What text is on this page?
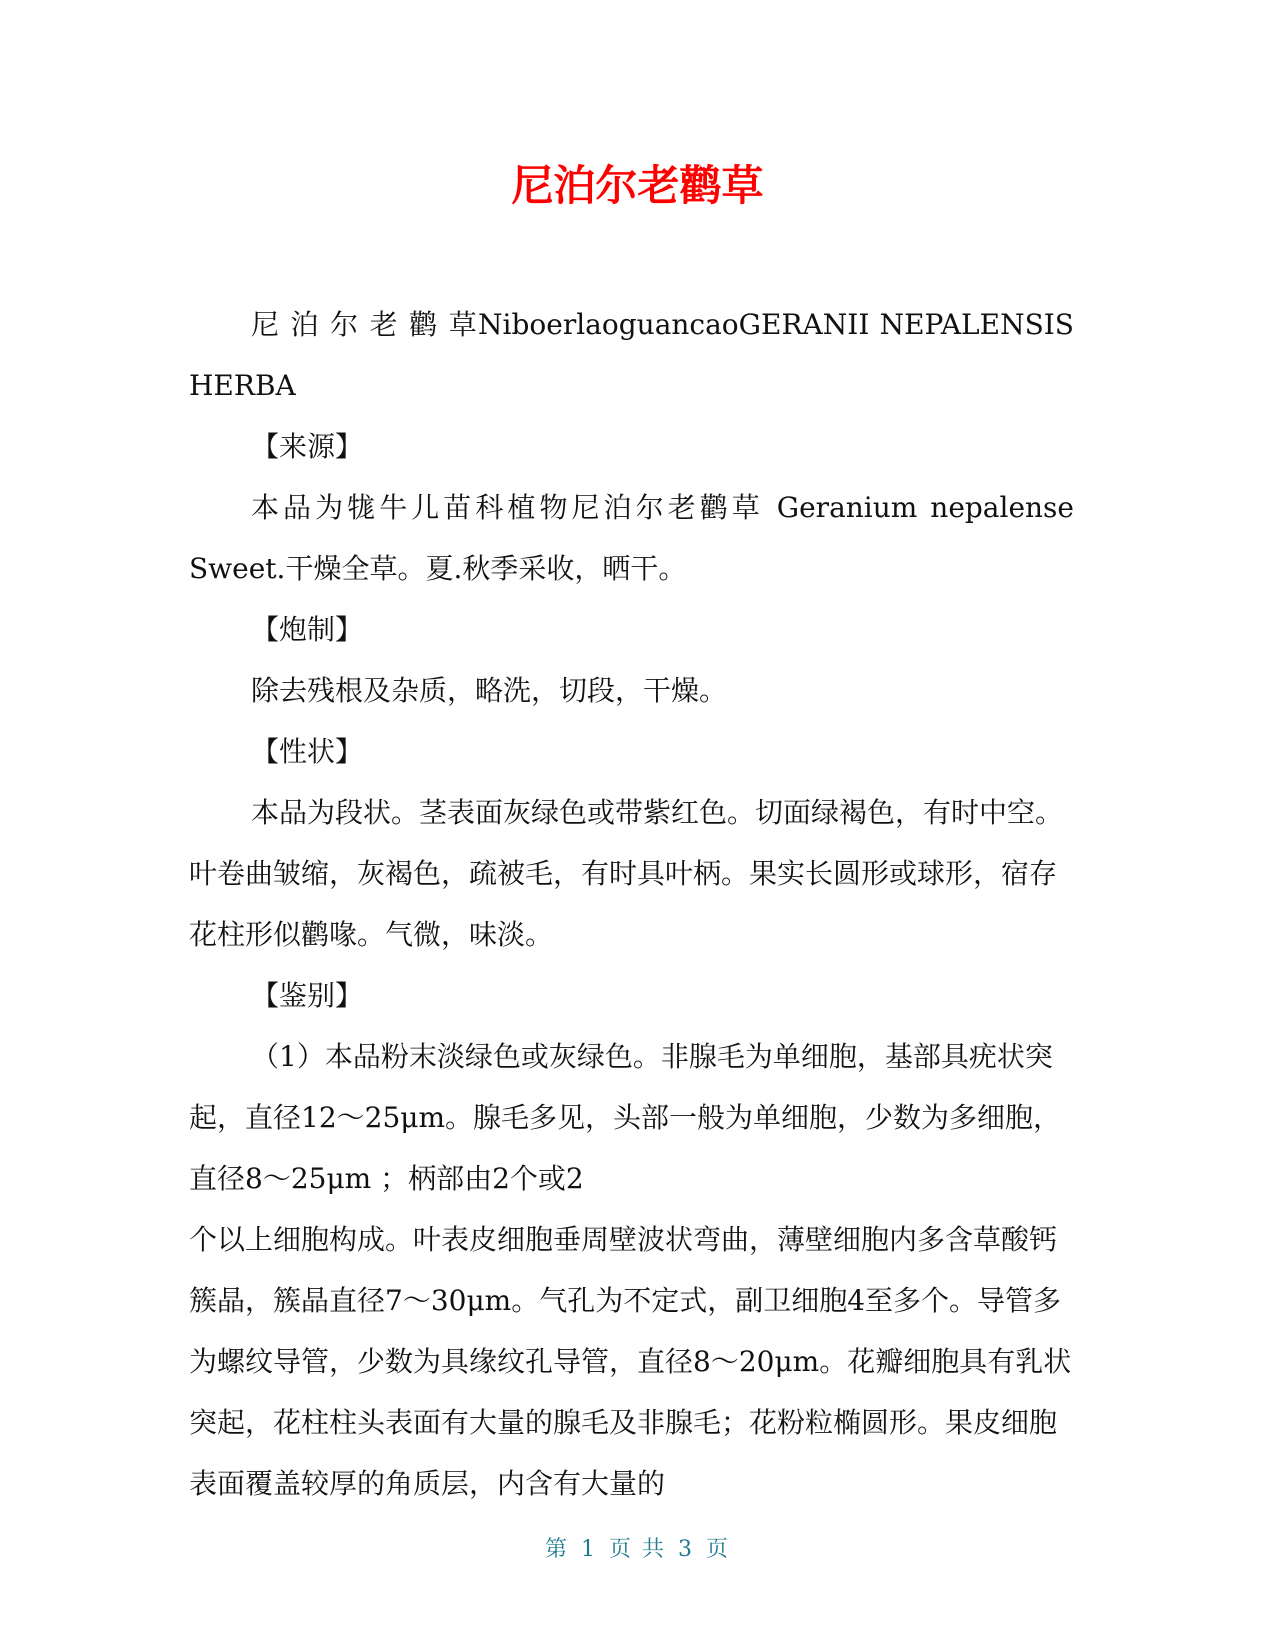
尼泊尔老鹳草

尼 泊 尔 老 鹳 草NiboerlaoguancaoGERANII NEPALENSIS

HERBA

【来源】

本品为牻牛儿苗科植物尼泊尔老鹳草 Geranium nepalense

Sweet.干燥全草。夏.秋季采收，晒干。

【炮制】

除去残根及杂质，略洗，切段，干燥。

【性状】

本品为段状。茎表面灰绿色或带紫红色。切面绿褐色，有时中空。叶卷曲皱缩，灰褐色，疏被毛，有时具叶柄。果实长圆形或球形，宿存花柱形似鹳喙。气微，味淡。

【鉴别】

（1）本品粉末淡绿色或灰绿色。非腺毛为单细胞，基部具疣状突起，直径12～25μm。腺毛多见，头部一般为单细胞，少数为多细胞，直径8～25μm ；柄部由2个或2

个以上细胞构成。叶表皮细胞垂周壁波状弯曲，薄壁细胞内多含草酸钙簇晶，簇晶直径7～30μm。气孔为不定式，副卫细胞4至多个。导管多为螺纹导管，少数为具缘纹孔导管，直径8～20μm。花瓣细胞具有乳状突起，花柱柱头表面有大量的腺毛及非腺毛；花粉粒椭圆形。果皮细胞表面覆盖较厚的角质层，内含有大量的

第 1 页 共 3 页
